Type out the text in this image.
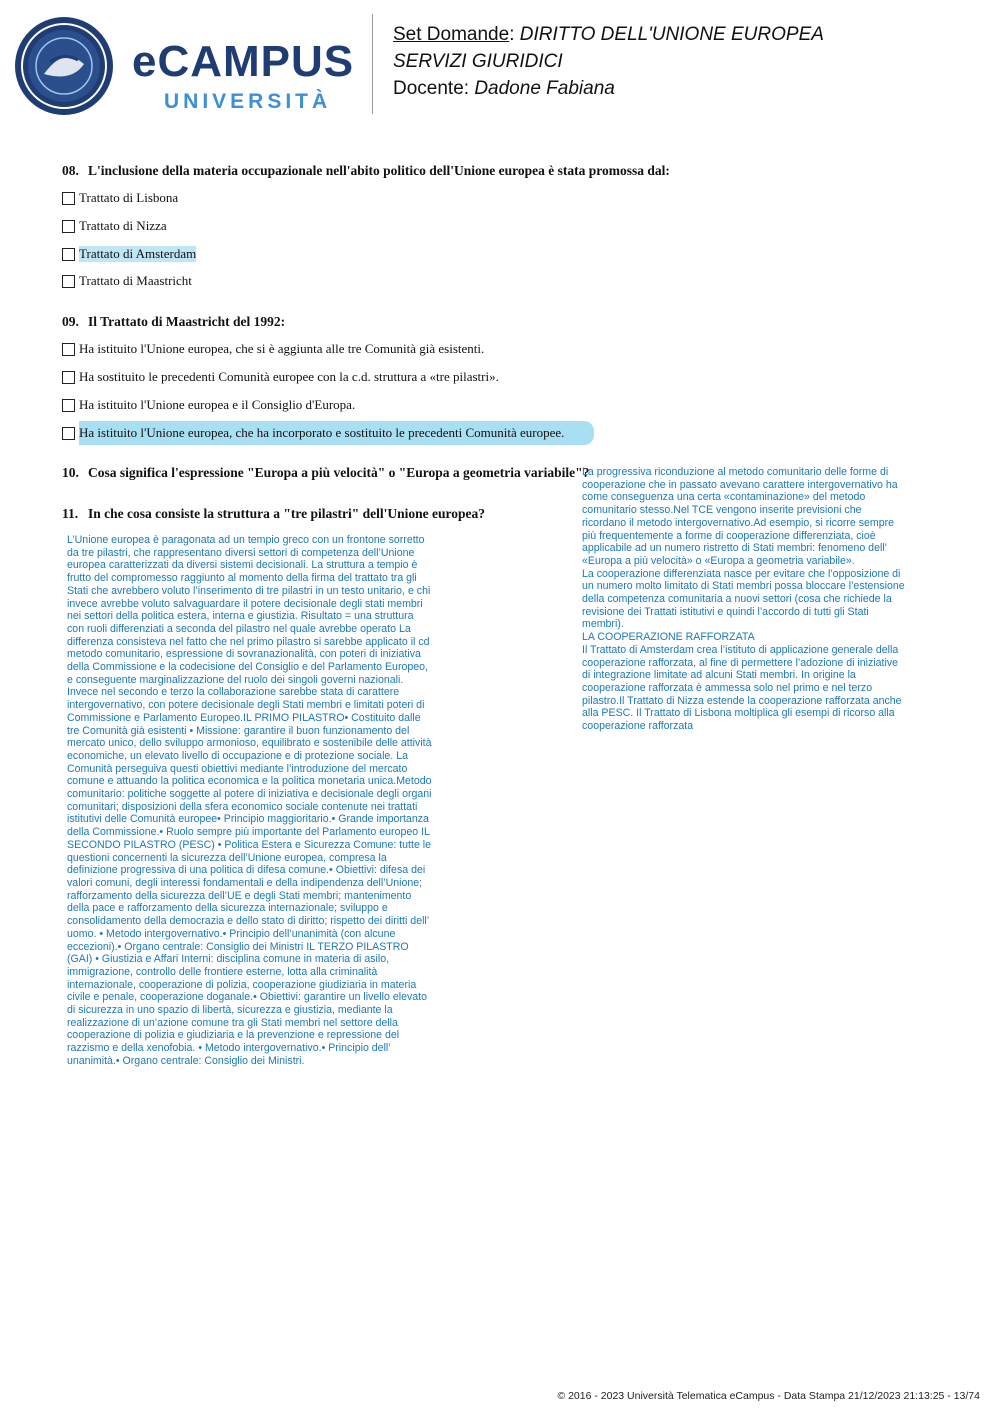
eCAMPUS
UNIVERSITÀ
Set Domande: DIRITTO DELL'UNIONE EUROPEA
SERVIZI GIURIDICI
Docente: Dadone Fabiana
08. L'inclusione della materia occupazionale nell'abito politico dell'Unione europea è stata promossa dal:
Trattato di Lisbona
Trattato di Nizza
Trattato di Amsterdam
Trattato di Maastricht
09. Il Trattato di Maastricht del 1992:
Ha istituito l'Unione europea, che si è aggiunta alle tre Comunità già esistenti.
Ha sostituito le precedenti Comunità europee con la c.d. struttura a «tre pilastri».
Ha istituito l'Unione europea e il Consiglio d'Europa.
Ha istituito l'Unione europea, che ha incorporato e sostituito le precedenti Comunità europee.
10. Cosa significa l'espressione "Europa a più velocità" o "Europa a geometria variabile"?
11. In che cosa consiste la struttura a "tre pilastri" dell'Unione europea?
La progressiva riconduzione al metodo comunitario delle forme di
cooperazione che in passato avevano carattere intergovernativo ha
come conseguenza una certa «contaminazione» del metodo
comunitario stesso.Nel TCE vengono inserite previsioni che
ricordano il metodo intergovernativo.Ad esempio, si ricorre sempre
più frequentemente a forme di cooperazione differenziata, cioè
applicabile ad un numero ristretto di Stati membri: fenomeno dell’
«Europa a più velocità» o «Europa a geometria variabile».
La cooperazione differenziata nasce per evitare che l’opposizione di
un numero molto limitato di Stati membri possa bloccare l’estensione
della competenza comunitaria a nuovi settori (cosa che richiede la
revisione dei Trattati istitutivi e quindi l’accordo di tutti gli Stati
membri).
LA COOPERAZIONE RAFFORZATA
Il Trattato di Amsterdam crea l’istituto di applicazione generale della
cooperazione rafforzata, al fine di permettere l’adozione di iniziative
di integrazione limitate ad alcuni Stati membri. In origine la
cooperazione rafforzata è ammessa solo nel primo e nel terzo
pilastro.Il Trattato di Nizza estende la cooperazione rafforzata anche
alla PESC. Il Trattato di Lisbona moltiplica gli esempi di ricorso alla
cooperazione rafforzata
L’Unione europea è paragonata ad un tempio greco con un frontone sorretto
da tre pilastri, che rappresentano diversi settori di competenza dell’Unione
europea caratterizzati da diversi sistemi decisionali. La struttura a tempio è
frutto del compromesso raggiunto al momento della firma del trattato tra gli
Stati che avrebbero voluto l’inserimento di tre pilastri in un testo unitario, e chi
invece avrebbe voluto salvaguardare il potere decisionale degli stati membri
nei settori della politica estera, interna e giustizia. Risultato = una struttura
con ruoli differenziati a seconda del pilastro nel quale avrebbe operato La
differenza consisteva nel fatto che nel primo pilastro si sarebbe applicato il cd
metodo comunitario, espressione di sovranazionalità, con poteri di iniziativa
della Commissione e la codecisione del Consiglio e del Parlamento Europeo,
e conseguente marginalizzazione del ruolo dei singoli governi nazionali.
Invece nel secondo e terzo la collaborazione sarebbe stata di carattere
intergovernativo, con potere decisionale degli Stati membri e limitati poteri di
Commissione e Parlamento Europeo.IL PRIMO PILASTRO• Costituito dalle
tre Comunità già esistenti • Missione: garantire il buon funzionamento del
mercato unico, dello sviluppo armonioso, equilibrato e sostenibile delle attività
economiche, un elevato livello di occupazione e di protezione sociale. La
Comunità perseguiva questi obiettivi mediante l’introduzione del mercato
comune e attuando la politica economica e la politica monetaria unica.Metodo
comunitario: politiche soggette al potere di iniziativa e decisionale degli organi
comunitari; disposizioni della sfera economico sociale contenute nei trattati
istitutivi delle Comunità europee• Principio maggioritario.• Grande importanza
della Commissione.• Ruolo sempre più importante del Parlamento europeo IL
SECONDO PILASTRO (PESC) • Politica Estera e Sicurezza Comune: tutte le
questioni concernenti la sicurezza dell’Unione europea, compresa la
definizione progressiva di una politica di difesa comune.• Obiettivi: difesa dei
valori comuni, degli interessi fondamentali e della indipendenza dell’Unione;
rafforzamento della sicurezza dell’UE e degli Stati membri; mantenimento
della pace e rafforzamento della sicurezza internazionale; sviluppo e
consolidamento della democrazia e dello stato di diritto; rispetto dei diritti dell’
uomo. • Metodo intergovernativo.• Principio dell’unanimità (con alcune
eccezioni).• Organo centrale: Consiglio dei Ministri IL TERZO PILASTRO
(GAI) • Giustizia e Affari Interni: disciplina comune in materia di asilo,
immigrazione, controllo delle frontiere esterne, lotta alla criminalità
internazionale, cooperazione di polizia, cooperazione giudiziaria in materia
civile e penale, cooperazione doganale.• Obiettivi: garantire un livello elevato
di sicurezza in uno spazio di libertà, sicurezza e giustizia, mediante la
realizzazione di un’azione comune tra gli Stati membri nel settore della
cooperazione di polizia e giudiziaria e la prevenzione e repressione del
razzismo e della xenofobia. • Metodo intergovernativo.• Principio dell’
unanimità.• Organo centrale: Consiglio dei Ministri.
© 2016 - 2023 Università Telematica eCampus - Data Stampa 21/12/2023 21:13:25 - 13/74
